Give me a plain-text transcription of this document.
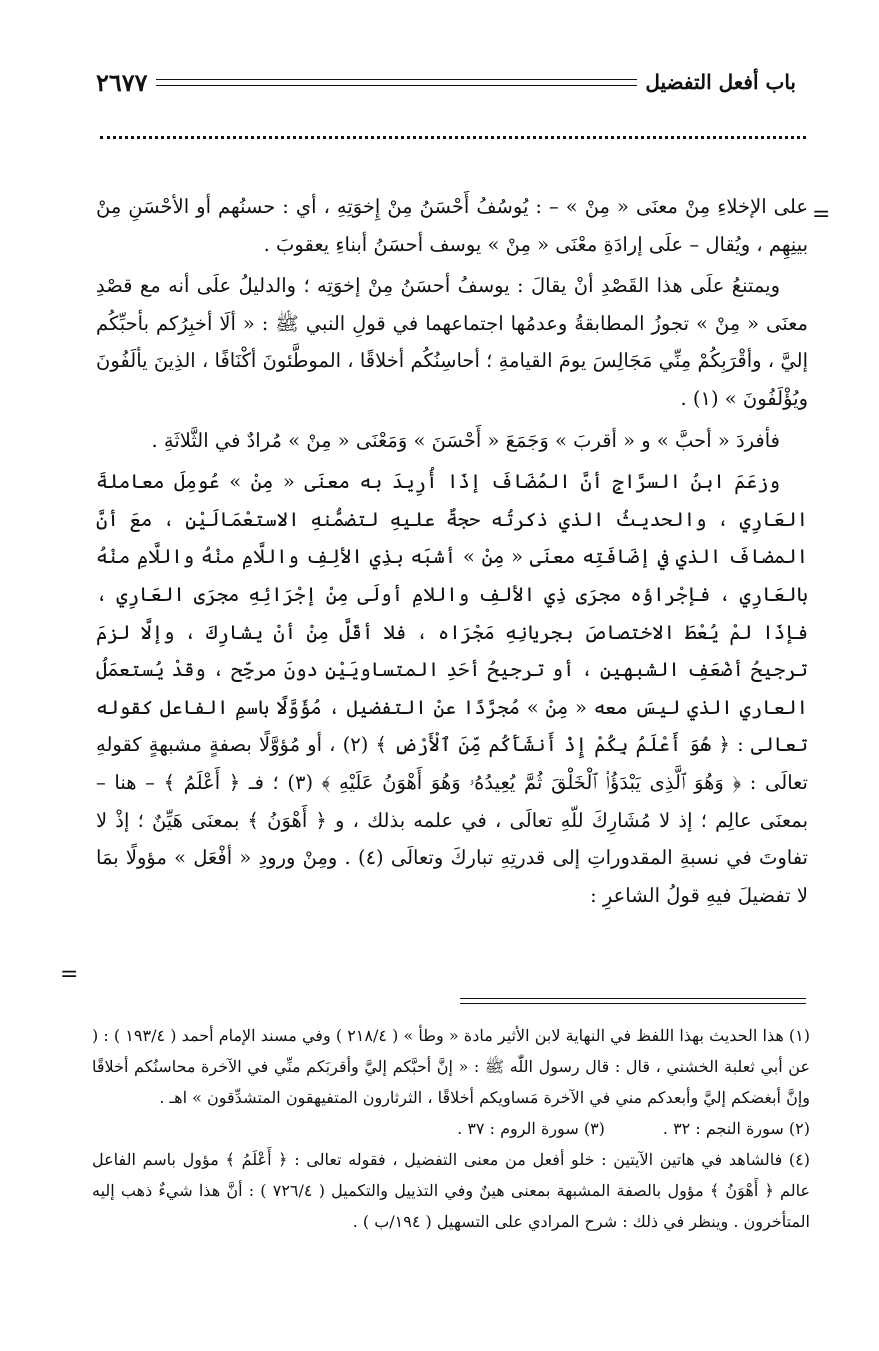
باب أفعل التفضيل
٢٦٧٧
=

على الإخلاءِ مِنْ معنَى « مِنْ » – : يُوسُفُ أَحْسَنُ مِنْ إِخوَتِهِ ، أي : حسنُهم أو الأحْسَنِ مِنْ بينِهِم ، ويُقال – علَى إرادَةِ معْنَى « مِنْ » يوسف أحسَنُ أبناءِ يعقوبَ .

ويمتنعُ علَى هذا القَصْدِ أنْ يقالَ : يوسفُ أحسَنُ مِنْ إخوَتِه ؛ والدليلُ علَى أنه مع قصْدِ معنَى « مِنْ » تجوزُ المطابقةُ وعدمُها اجتماعهما في قولِ النبي ﷺ : « ألَا أخبِرُكم بأحبِّكُم إليَّ ، وأقْرَبِكُمْ مِنِّي مَجَالِسَ يومَ القيامةِ ؛ أحاسِنُكُم أخلاقًا ، الموطَّئونَ أكْنَافًا ، الذِينَ يألَفُونَ ويُؤْلَفُونَ » (١) .

فأفردَ « أحبَّ » و « أقربَ » وَجَمَعَ « أَحْسَنَ » وَمَعْنَى « مِنْ » مُرادٌ في الثَّلاثَةِ .

وزعَمَ ابنُ السرَّاجِ أنَّ المُضَافَ إذَا أُرِيدَ به معنَى « مِنْ » عُومِلَ معاملةَ العَارِي ، والحديثُ الذي ذكرتُه حجةٌ عليهِ لتضمُّنهِ الاستعْمَالَيْنِ ، معَ أنَّ المضافَ الذي في إضَافَتِه معنَى « مِنْ » أشبَه بذِي الألِفِ واللَّامِ منْهُ واللَّامِ منْهُ بالعَارِي ، فإجْراؤه مجرَى ذِي الألفِ واللامِ أولَى مِنْ إجْرَائِهِ مجرَى العَارِي ، فإذَا لمْ يُعْطَ الاختصاصَ بجريانِهِ مَجْرَاه ، فلا أقَلَّ مِنْ أنْ يشارِكَ ، وإلَّا لزمَ ترجيحُ أضْعَفِ الشبهينِ ، أو ترجيحُ أحَدِ المتساويَيْنِ دونَ مرجِّح ، وقدْ يُستعمَلُ العاري الذي ليسَ معه « مِنْ » مُجرَّدًا عنْ التفضيل ، مُؤَوَّلًا باسمِ الفاعل كقوله تعالى : ﴿ هُوَ أَعْلَمُ بِكُمْ إِذْ أَنشَأَكُم مِّنَ ٱلْأَرْضِ ﴾ (٢) ، أو مُؤوَّلًا بصفةٍ مشبهةٍ كقولهِ تعالَى : ﴿ وَهُوَ ٱلَّذِى يَبْدَؤُا۟ ٱلْخَلْقَ ثُمَّ يُعِيدُهُۥ وَهُوَ أَهْوَنُ عَلَيْهِ ﴾ (٣) ؛ فـ ﴿ أَعْلَمُ ﴾ – هنا – بمعنَى عالِم ؛ إذ لا مُشَارِكَ للّهِ تعالَى ، في علمه بذلك ، و ﴿ أَهْوَنُ ﴾ بمعنَى هَيِّنٌ ؛ إذْ لا تفاوتَ في نسبةِ المقدوراتِ إلى قدرتِهِ تباركَ وتعالَى (٤) . ومِنْ ورودِ « أفْعَل » مؤولًا بمَا لا تفضيلَ فيهِ قولُ الشاعرِ :

=

(١) هذا الحديث بهذا اللفظ في النهاية لابن الأثير مادة « وطأ » ( ٢١٨/٤ ) وفي مسند الإمام أحمد ( ١٩٣/٤ ) : ( عن أبي ثعلبة الخشني ، قال : قال رسول اللّٰه ﷺ : « إنَّ أحبَّكم إليَّ وأقربَكم منِّي في الآخرة محاسنُكم أخلاقًا وإنَّ أبغضكم إليَّ وأبعدكم مني في الآخرة مَساويكم أخلاقًا ، الثرثارون المتفيهقون المتشدِّقون » اهـ .

(٢) سورة النجم : ٣٢ .
(٣) سورة الروم : ٣٧ .

(٤) فالشاهد في هاتين الآيتين : خلو أفعل من معنى التفضيل ، فقوله تعالى : ﴿ أَعْلَمُ ﴾ مؤول باسم الفاعل عالم ﴿ أَهْوَنُ ﴾ مؤول بالصفة المشبهة بمعنى هينٌ وفي التذييل والتكميل ( ٧٢٦/٤ ) : أنَّ هذا شيءٌ ذهب إليه المتأخرون . وينظر في ذلك : شرح المرادي على التسهيل ( ١٩٤/ب ) .
